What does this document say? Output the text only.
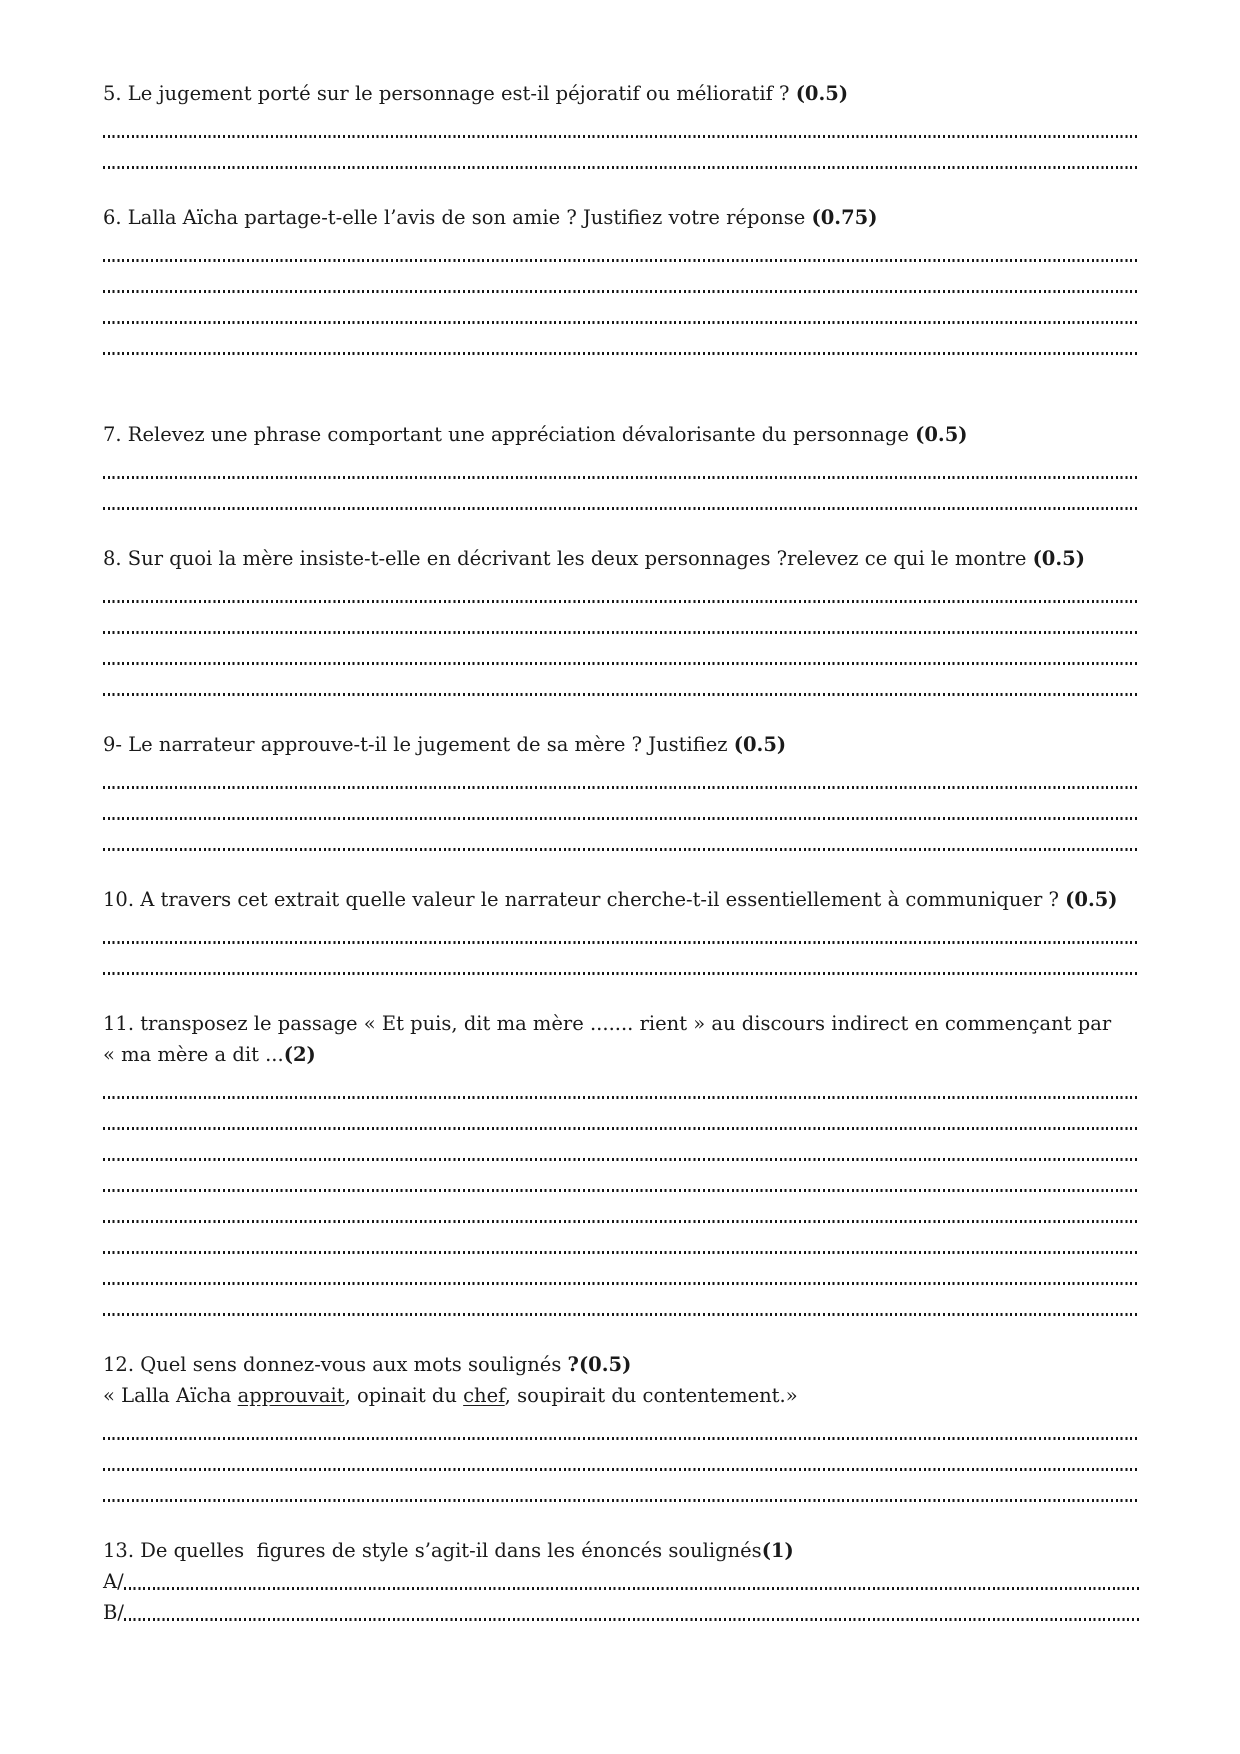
5. Le jugement porté sur le personnage est-il péjoratif ou mélioratif ? (0.5)
6. Lalla Aïcha partage-t-elle l’avis de son amie ? Justifiez votre réponse (0.75)
7. Relevez une phrase comportant une appréciation dévalorisante du personnage (0.5)
8. Sur quoi la mère insiste-t-elle en décrivant les deux personnages ?relevez ce qui le montre (0.5)
9- Le narrateur approuve-t-il le jugement de sa mère ? Justifiez (0.5)
10. A travers cet extrait quelle valeur le narrateur cherche-t-il essentiellement à communiquer ? (0.5)
11. transposez le passage « Et puis, dit ma mère ....... rient » au discours indirect en commençant par
« ma mère a dit ...(2)
12. Quel sens donnez-vous aux mots soulignés ?(0.5)
« Lalla Aïcha approuvait, opinait du chef, soupirait du contentement.»
13. De quelles  figures de style s’agit-il dans les énoncés soulignés(1)
A/
B/
